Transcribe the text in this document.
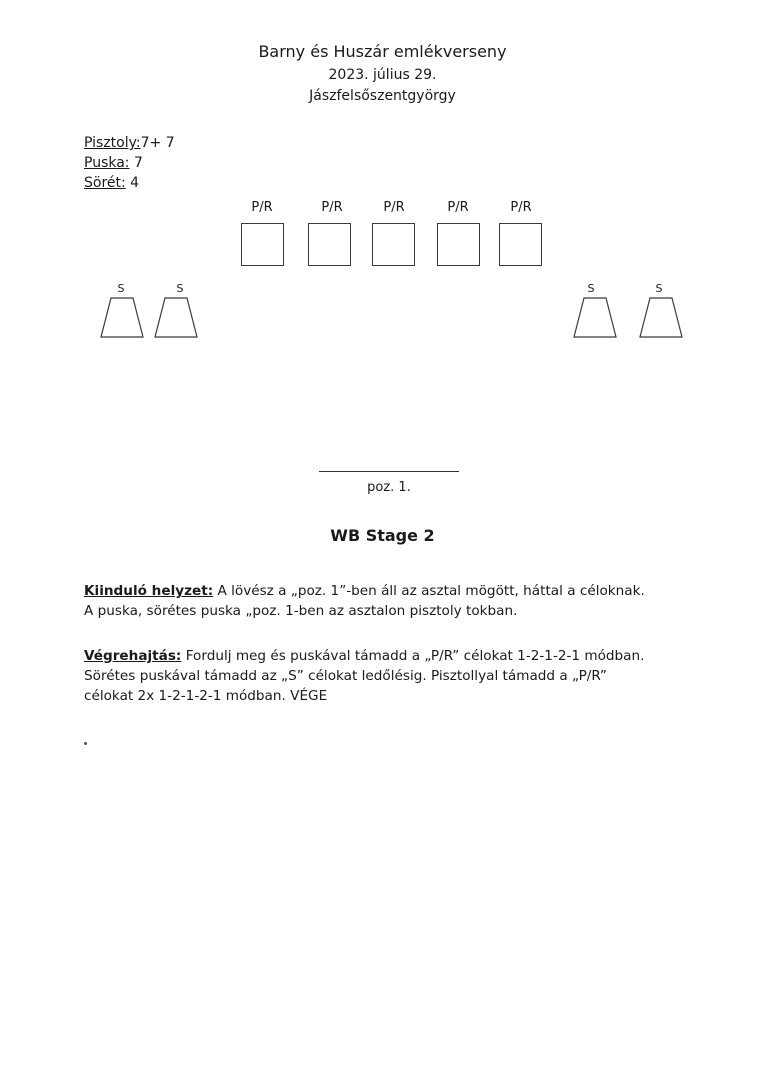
Barny és Huszár emlékverseny
2023. július 29.
Jászfelsőszentgyörgy
Pisztoly:7+ 7
Puska: 7
Sörét: 4
P/R	P/R	P/R	P/R	P/R
S	S	S	S
poz. 1.
WB Stage 2
Kiinduló helyzet: A lövész a „poz. 1”-ben áll az asztal mögött, háttal a céloknak.
A puska, sörétes puska „poz. 1-ben az asztalon pisztoly tokban.
Végrehajtás: Fordulj meg és puskával támadd a „P/R” célokat 1-2-1-2-1 módban.
Sörétes puskával támadd az „S” célokat ledőlésig. Pisztollyal támadd a „P/R”
célokat 2x 1-2-1-2-1 módban. VÉGE
